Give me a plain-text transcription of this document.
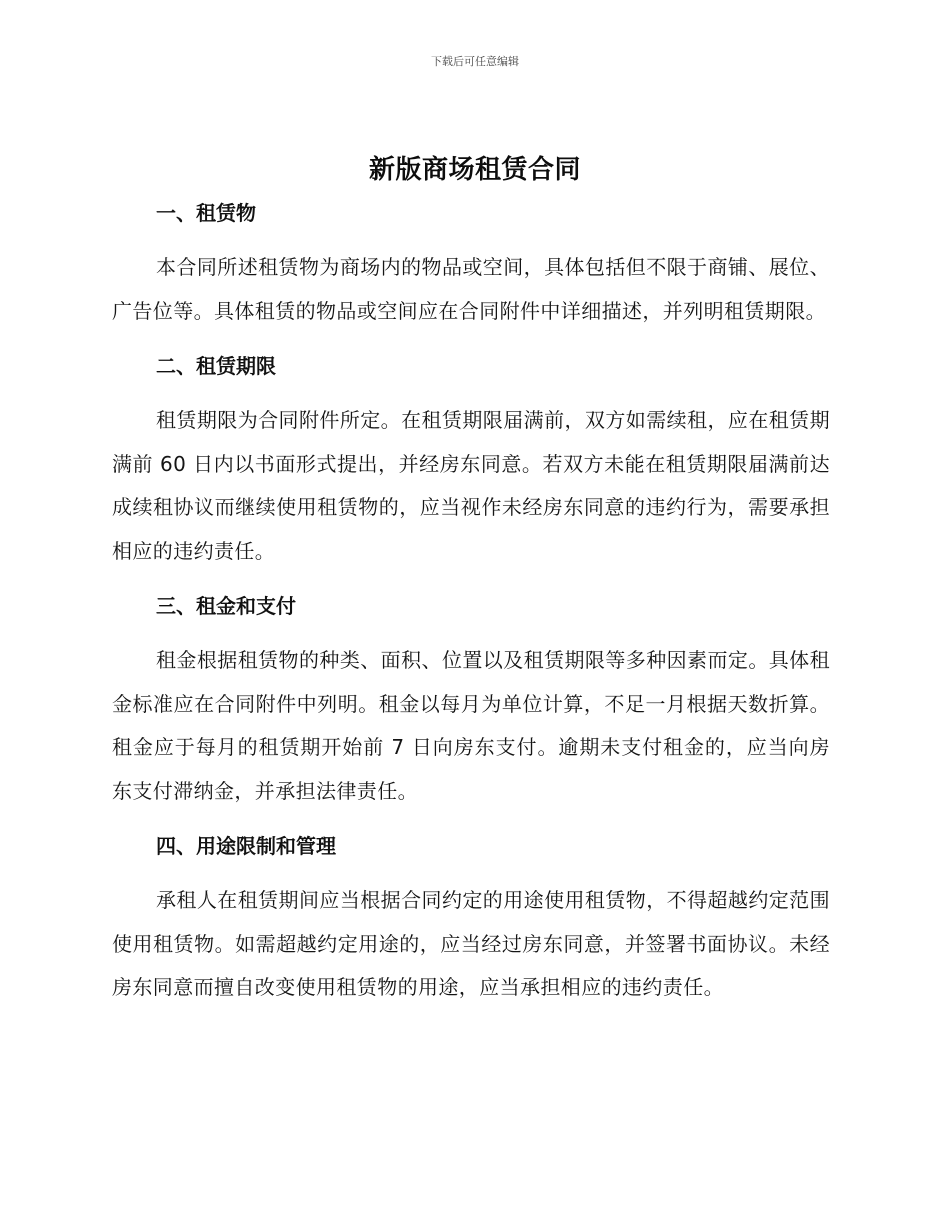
下载后可任意编辑
新版商场租赁合同
一、租赁物

本合同所述租赁物为商场内的物品或空间，具体包括但不限于商铺、展位、广告位等。具体租赁的物品或空间应在合同附件中详细描述，并列明租赁期限。

二、租赁期限

租赁期限为合同附件所定。在租赁期限届满前，双方如需续租，应在租赁期满前 60 日内以书面形式提出，并经房东同意。若双方未能在租赁期限届满前达成续租协议而继续使用租赁物的，应当视作未经房东同意的违约行为，需要承担相应的违约责任。

三、租金和支付

租金根据租赁物的种类、面积、位置以及租赁期限等多种因素而定。具体租金标准应在合同附件中列明。租金以每月为单位计算，不足一月根据天数折算。租金应于每月的租赁期开始前 7 日向房东支付。逾期未支付租金的，应当向房东支付滞纳金，并承担法律责任。

四、用途限制和管理

承租人在租赁期间应当根据合同约定的用途使用租赁物，不得超越约定范围使用租赁物。如需超越约定用途的，应当经过房东同意，并签署书面协议。未经房东同意而擅自改变使用租赁物的用途，应当承担相应的违约责任。
